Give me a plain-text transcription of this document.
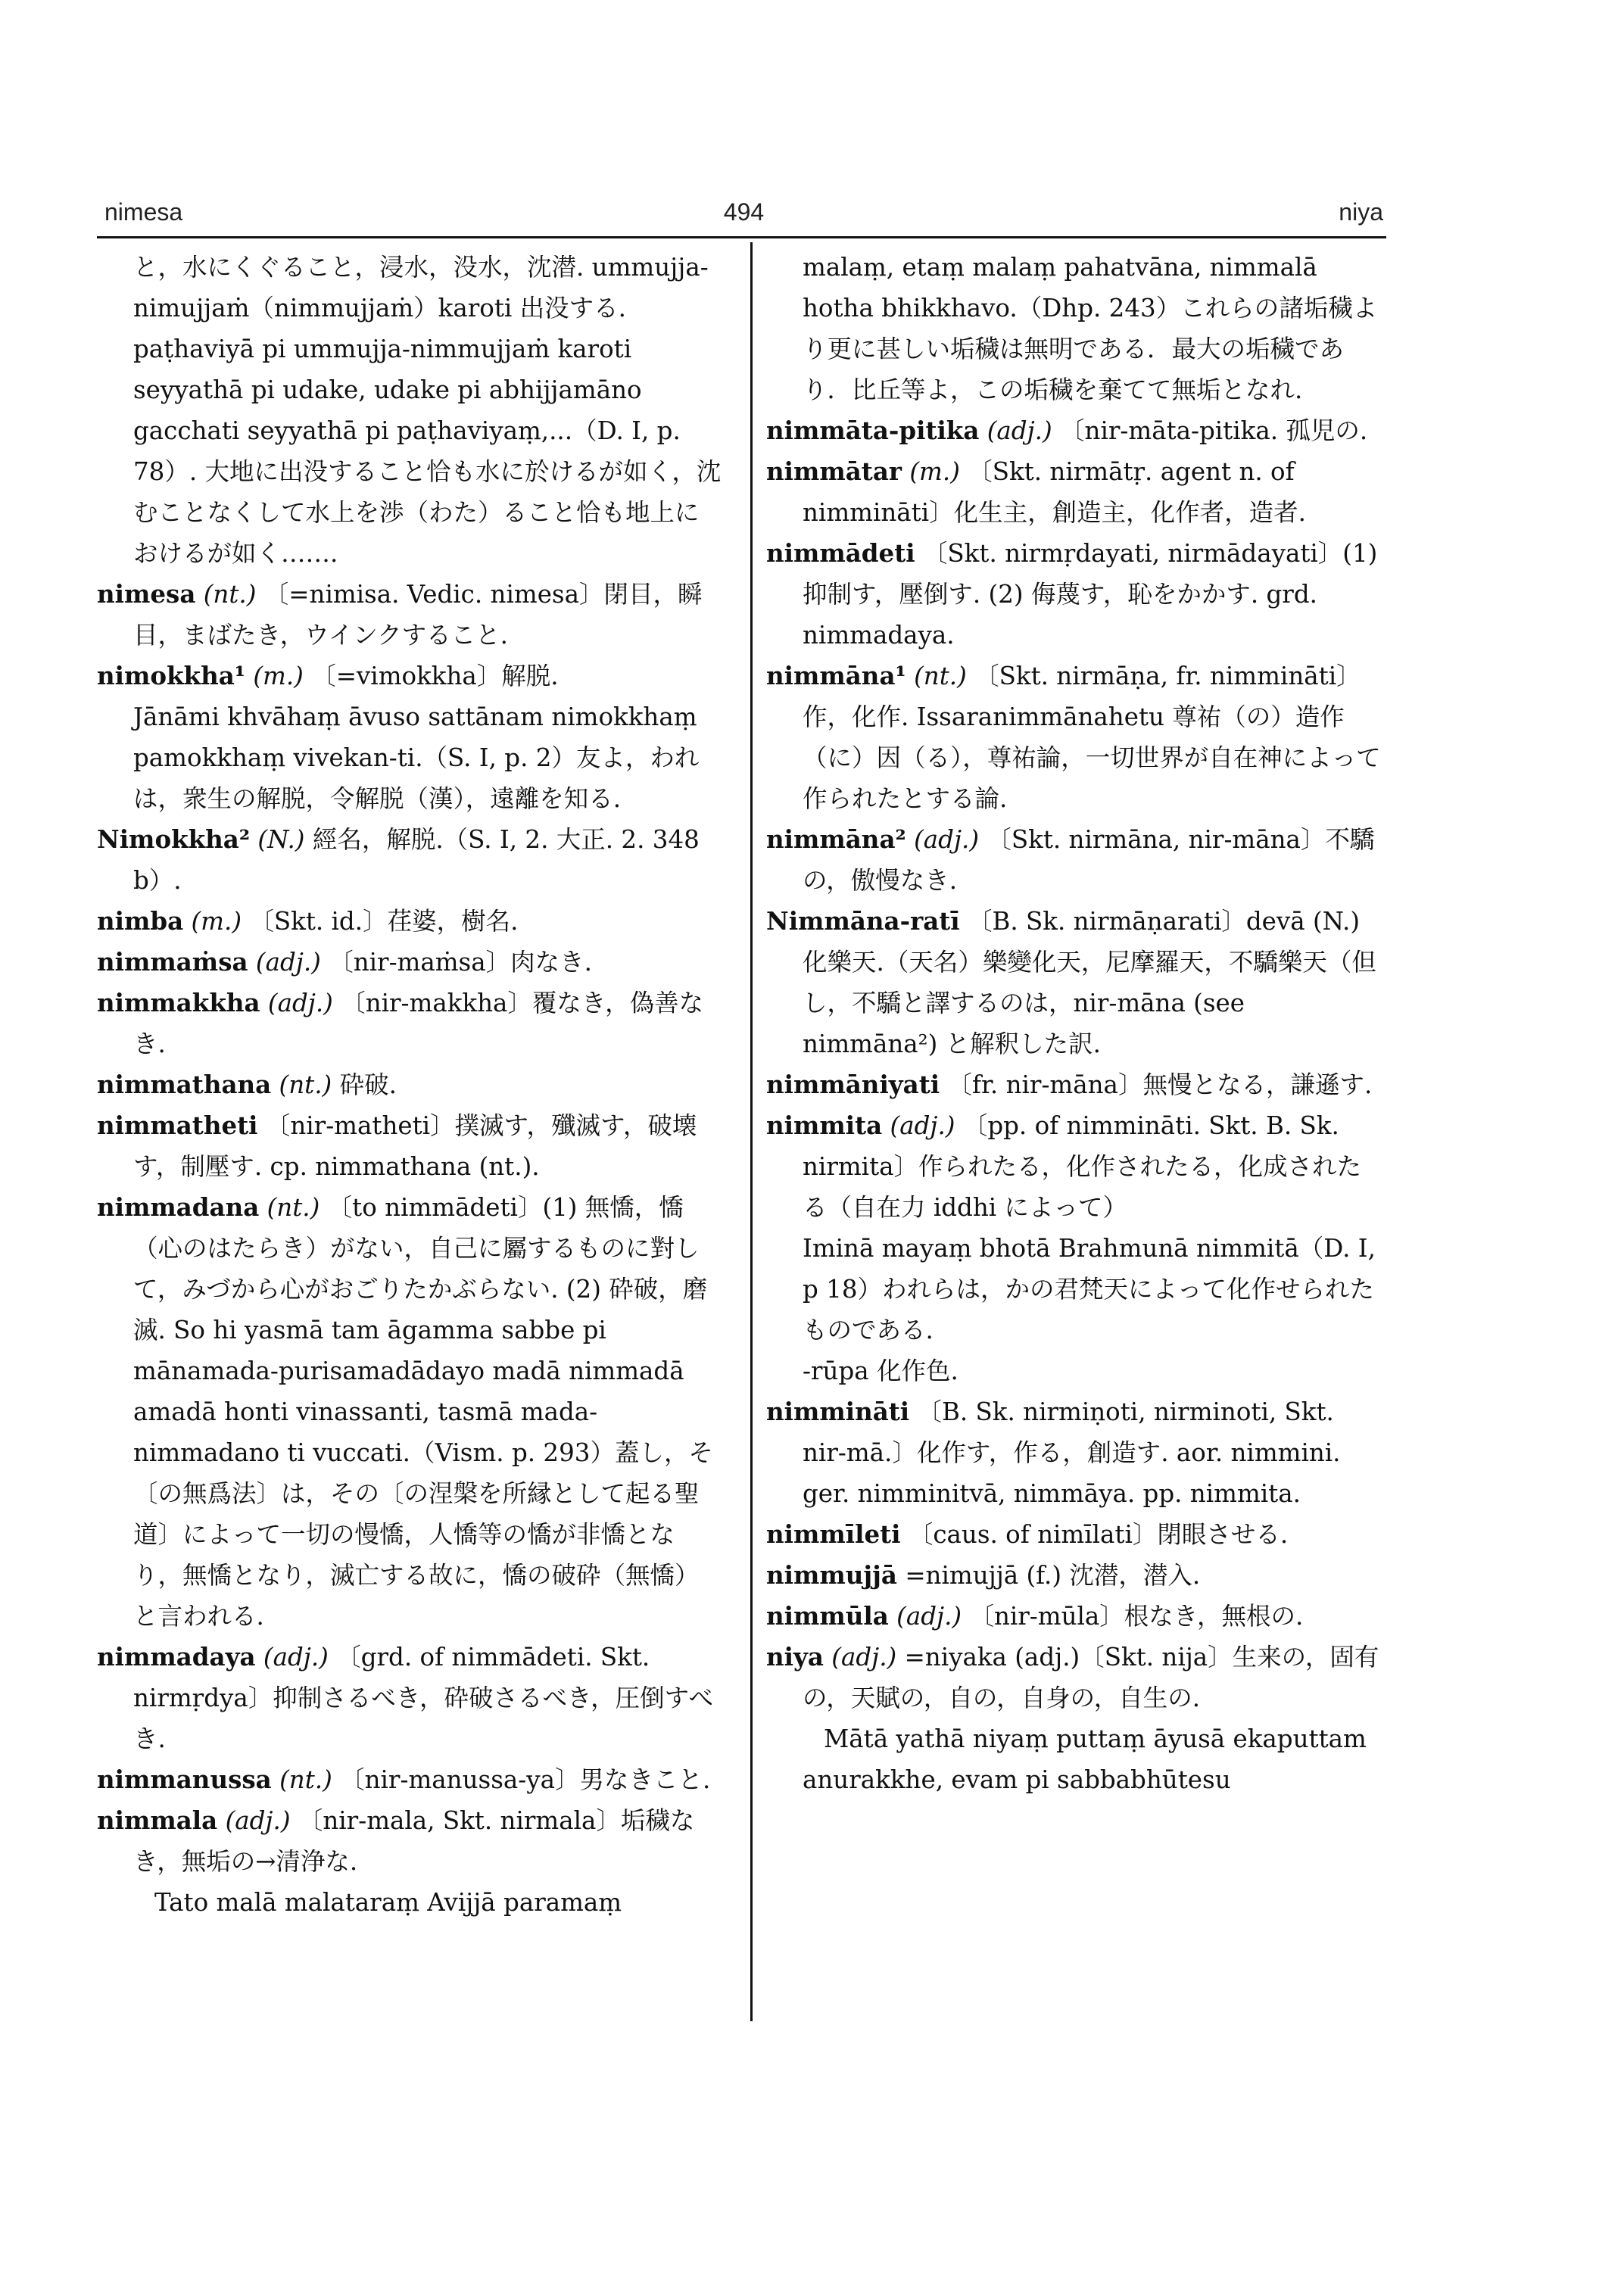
nimesa	494	niya

と，水にくぐること，浸水，没水，沈潜. ummujja-nimujjaṁ（nimmujjaṁ）karoti 出没する.

paṭhaviyā pi ummujja-nimmujjaṁ karoti seyyathā pi udake, udake pi abhijjamāno gacchati seyyathā pi paṭhaviyaṃ,...（D. I, p. 78）. 大地に出没すること恰も水に於けるが如く，沈むことなくして水上を渉（わた）ること恰も地上におけるが如く…….

nimesa (nt.) 〔=nimisa. Vedic. nimesa〕閉目，瞬目，まばたき，ウインクすること.

nimokkha¹ (m.) 〔=vimokkha〕解脱.

Jānāmi khvāhaṃ āvuso sattānam nimokkhaṃ pamokkhaṃ vivekan-ti.（S. I, p. 2）友よ，われは，衆生の解脱，令解脱（漢），遠離を知る.

Nimokkha² (N.) 經名，解脱.（S. I, 2. 大正. 2. 348 b）.

nimba (m.) 〔Skt. id.〕荏婆，樹名.

nimmaṁsa (adj.) 〔nir-maṁsa〕肉なき.

nimmakkha (adj.) 〔nir-makkha〕覆なき，偽善なき.

nimmathana (nt.) 砕破.

nimmatheti 〔nir-matheti〕撲滅す，殲滅す，破壊す，制壓す. cp. nimmathana (nt.).

nimmadana (nt.) 〔to nimmādeti〕(1) 無憍，憍（心のはたらき）がない，自己に屬するものに對して，みづから心がおごりたかぶらない. (2) 砕破，磨滅. So hi yasmā tam āgamma sabbe pi mānamada-purisamadādayo madā nimmadā amadā honti vinassanti, tasmā mada-nimmadano ti vuccati.（Vism. p. 293）蓋し，そ〔の無爲法〕は，その〔の涅槃を所縁として起る聖道〕によって一切の慢憍，人憍等の憍が非憍となり，無憍となり，滅亡する故に，憍の破砕（無憍）と言われる.

nimmadaya (adj.) 〔grd. of nimmādeti. Skt. nirmṛdya〕抑制さるべき，砕破さるべき，圧倒すべき.

nimmanussa (nt.) 〔nir-manussa-ya〕男なきこと.

nimmala (adj.) 〔nir-mala, Skt. nirmala〕垢穢なき，無垢の→清浄な.

Tato malā malataraṃ Avijjā paramaṃ

malaṃ, etaṃ malaṃ pahatvāna, nimmalā hotha bhikkhavo.（Dhp. 243）これらの諸垢穢より更に甚しい垢穢は無明である．最大の垢穢であり．比丘等よ，この垢穢を棄てて無垢となれ.

nimmāta-pitika (adj.) 〔nir-māta-pitika. 孤児の.

nimmātar (m.) 〔Skt. nirmātṛ. agent n. of nimmināti〕化生主，創造主，化作者，造者.

nimmādeti 〔Skt. nirmṛdayati, nirmādayati〕(1) 抑制す，壓倒す. (2) 侮蔑す，恥をかかす. grd. nimmadaya.

nimmāna¹ (nt.) 〔Skt. nirmāṇa, fr. nimmināti〕作，化作. Issaranimmānahetu 尊祐（の）造作（に）因（る），尊祐論，一切世界が自在神によって作られたとする論.

nimmāna² (adj.) 〔Skt. nirmāna, nir-māna〕不驕の，傲慢なき.

Nimmāna-ratī 〔B. Sk. nirmāṇarati〕devā (N.) 化樂天.（天名）樂變化天，尼摩羅天，不驕樂天（但し，不驕と譯するのは，nir-māna (see nimmāna²) と解釈した訳.

nimmāniyati 〔fr. nir-māna〕無慢となる，謙遜す.

nimmita (adj.) 〔pp. of nimmināti. Skt. B. Sk. nirmita〕作られたる，化作されたる，化成されたる（自在力 iddhi によって）

Iminā mayaṃ bhotā Brahmunā nimmitā（D. I, p 18）われらは，かの君梵天によって化作せられたものである.

-rūpa 化作色.

nimmināti 〔B. Sk. nirmiṇoti, nirminoti, Skt. nir-mā.〕化作す，作る，創造す. aor. nimmini. ger. nimminitvā, nimmāya. pp. nimmita.

nimmīleti 〔caus. of nimīlati〕閉眼させる.

nimmujjā =nimujjā (f.) 沈潜，潜入.

nimmūla (adj.) 〔nir-mūla〕根なき，無根の.

niya (adj.) =niyaka (adj.)〔Skt. nija〕生来の，固有の，天賦の，自の，自身の，自生の.

Mātā yathā niyaṃ puttaṃ āyusā ekaputtam anurakkhe, evam pi sabbabhūtesu
